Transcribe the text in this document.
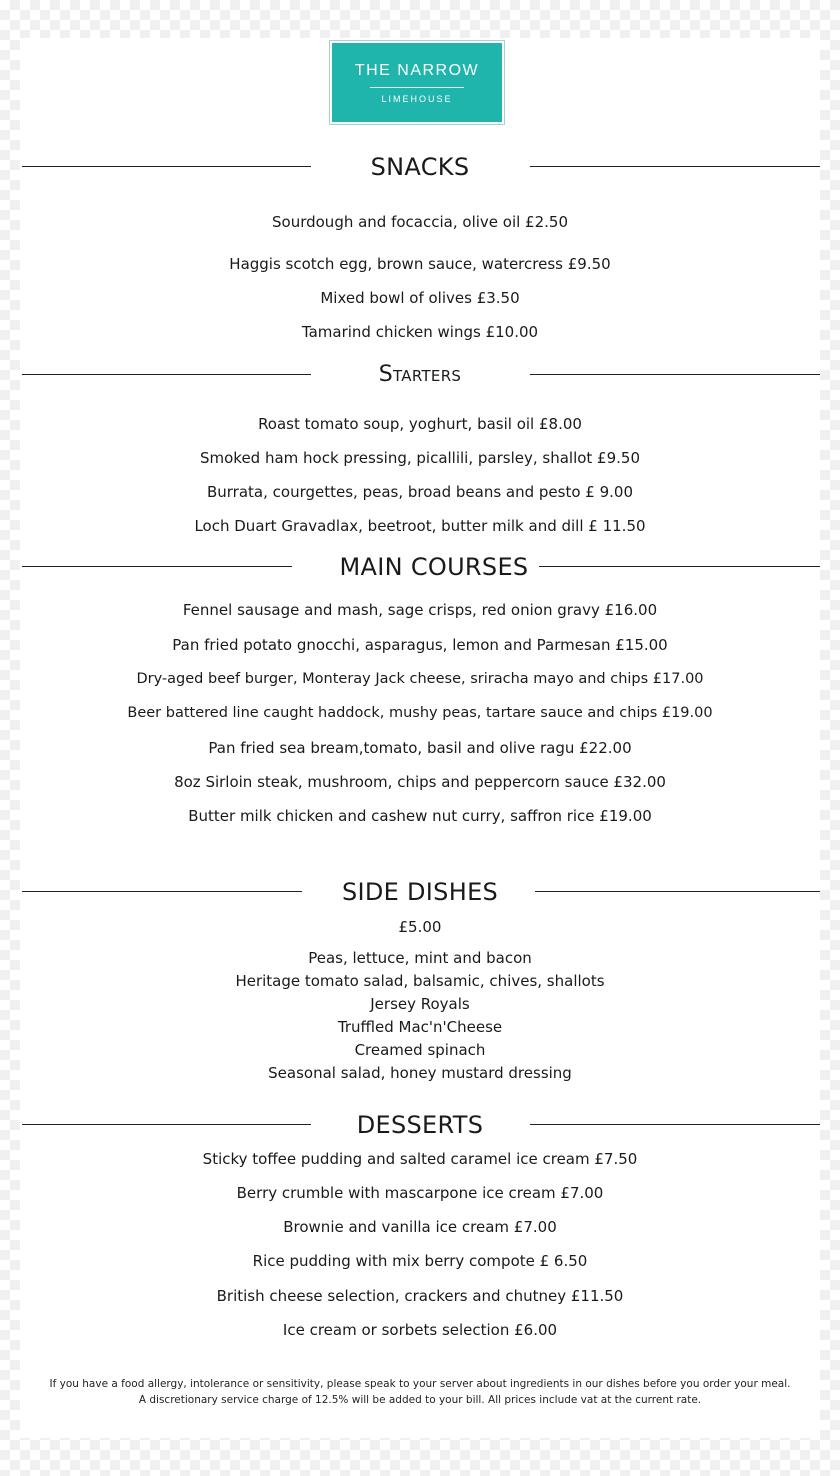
THE NARROW
LIMEHOUSE
SNACKS
Sourdough and focaccia, olive oil £2.50
Haggis scotch egg, brown sauce, watercress £9.50
Mixed bowl of olives £3.50
Tamarind chicken wings £10.00
Starters
Roast tomato soup, yoghurt, basil oil £8.00
Smoked ham hock pressing, picallili, parsley, shallot £9.50
Burrata, courgettes, peas, broad beans and pesto £ 9.00
Loch Duart Gravadlax, beetroot, butter milk and dill £ 11.50
MAIN COURSES
Fennel sausage and mash, sage crisps, red onion gravy £16.00
Pan fried potato gnocchi, asparagus, lemon and Parmesan £15.00
Dry-aged beef burger, Monteray Jack cheese, sriracha mayo and chips £17.00
Beer battered line caught haddock, mushy peas, tartare sauce and chips £19.00
Pan fried sea bream,tomato, basil and olive ragu £22.00
8oz Sirloin steak, mushroom, chips and peppercorn sauce £32.00
Butter milk chicken and cashew nut curry, saffron rice £19.00
SIDE DISHES
£5.00
Peas, lettuce, mint and bacon
Heritage tomato salad, balsamic, chives, shallots
Jersey Royals
Truffled Mac'n'Cheese
Creamed spinach
Seasonal salad, honey mustard dressing
DESSERTS
Sticky toffee pudding and salted caramel ice cream £7.50
Berry crumble with mascarpone ice cream £7.00
Brownie and vanilla ice cream £7.00
Rice pudding with mix berry compote £ 6.50
British cheese selection, crackers and chutney £11.50
Ice cream or sorbets selection £6.00
If you have a food allergy, intolerance or sensitivity, please speak to your server about ingredients in our dishes before you order your meal.
A discretionary service charge of 12.5% will be added to your bill. All prices include vat at the current rate.
